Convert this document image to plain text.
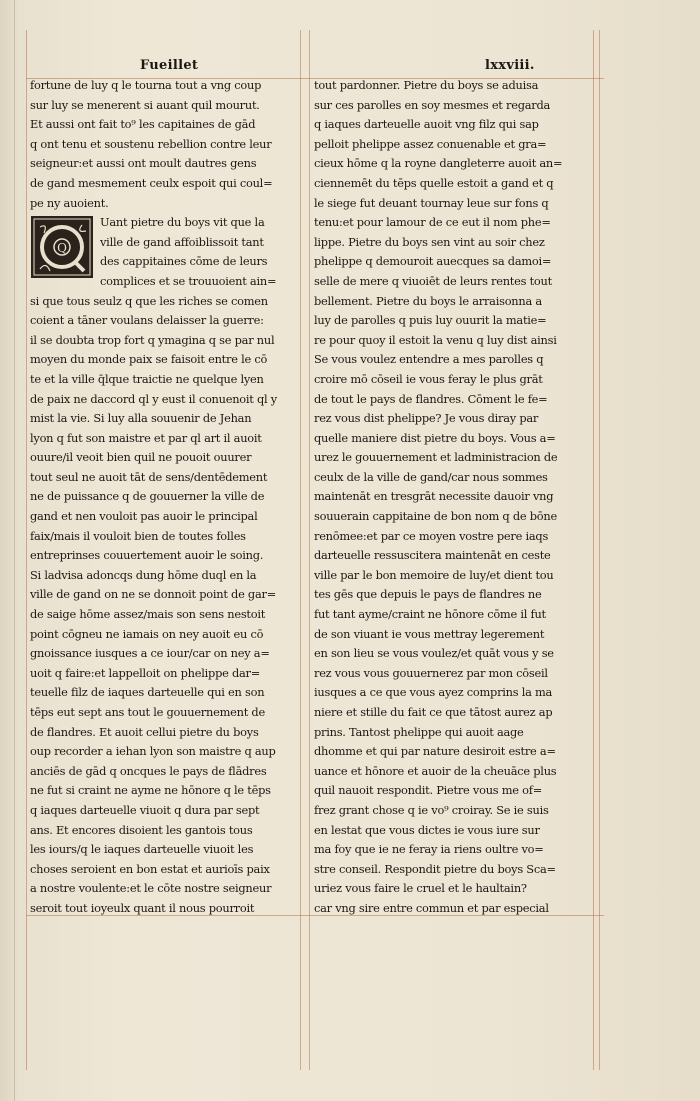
Fueillet	lxxviii.
Q
fortune de luy q le tourna tout a vng coup
sur luy se menerent si auant quil mourut.
Et aussi ont fait to⁹ les capitaines de gād
q ont tenu et soustenu rebellion contre leur
seigneur:et aussi ont moult dautres gens
de gand mesmement ceulx espoit qui coul=
pe ny auoient.
Uant pietre du boys vit que la
ville de gand affoiblissoit tant
des cappitaines cōme de leurs
complices et se trouuoient ain=
si que tous seulz q que les riches se comen
coient a tāner voulans delaisser la guerre:
il se doubta trop fort q ymagina q se par nul
moyen du monde paix se faisoit entre le cō
te et la ville q̄lque traictie ne quelque lyen
de paix ne daccord ql y eust il conuenoit ql y
mist la vie. Si luy alla souuenir de Jehan
lyon q fut son maistre et par ql art il auoit
ouure/il veoit bien quil ne pouoit ouurer
tout seul ne auoit tāt de sens/dentēdement
ne de puissance q de gouuerner la ville de
gand et nen vouloit pas auoir le principal
faix/mais il vouloit bien de toutes folles
entreprinses couuertement auoir le soing.
Si ladvisa adoncqs dung hōme duql en la
ville de gand on ne se donnoit point de gar=
de saige hōme assez/mais son sens nestoit
point cōgneu ne iamais on ney auoit eu cō
gnoissance iusques a ce iour/car on ney a=
uoit q faire:et lappelloit on phelippe dar=
teuelle filz de iaques darteuelle qui en son
tēps eut sept ans tout le gouuernement de
de flandres. Et auoit cellui pietre du boys
oup recorder a iehan lyon son maistre q aup
anciēs de gād q oncques le pays de flādres
ne fut si craint ne ayme ne hōnore q le tēps
q iaques darteuelle viuoit q dura par sept
ans. Et encores disoient les gantois tous
les iours/q le iaques darteuelle viuoit les
choses seroient en bon estat et aurioīs paix
a nostre voulente:et le cōte nostre seigneur
seroit tout ioyeulx quant il nous pourroit
tout pardonner. Pietre du boys se aduisa
sur ces parolles en soy mesmes et regarda
q iaques darteuelle auoit vng filz qui sap
pelloit phelippe assez conuenable et gra=
cieux hōme q la royne dangleterre auoit an=
ciennemēt du tēps quelle estoit a gand et q
le siege fut deuant tournay leue sur fons q
tenu:et pour lamour de ce eut il nom phe=
lippe. Pietre du boys sen vint au soir chez
phelippe q demouroit auecques sa damoi=
selle de mere q viuoiēt de leurs rentes tout
bellement. Pietre du boys le arraisonna a
luy de parolles q puis luy ouurit la matie=
re pour quoy il estoit la venu q luy dist ainsi
Se vous voulez entendre a mes parolles q
croire mō cōseil ie vous feray le plus grāt
de tout le pays de flandres. Cōment le fe=
rez vous dist phelippe? Je vous diray par
quelle maniere dist pietre du boys. Vous a=
urez le gouuernement et ladministracion de
ceulx de la ville de gand/car nous sommes
maintenāt en tresgrāt necessite dauoir vng
souuerain cappitaine de bon nom q de bōne
renōmee:et par ce moyen vostre pere iaqs
darteuelle ressuscitera maintenāt en ceste
ville par le bon memoire de luy/et dient tou
tes gēs que depuis le pays de flandres ne
fut tant ayme/craint ne hōnore cōme il fut
de son viuant ie vous mettray legerement
en son lieu se vous voulez/et quāt vous y se
rez vous vous gouuernerez par mon cōseil
iusques a ce que vous ayez comprins la ma
niere et stille du fait ce que tātost aurez ap
prins. Tantost phelippe qui auoit aage
dhomme et qui par nature desiroit estre a=
uance et hōnore et auoir de la cheuāce plus
quil nauoit respondit. Pietre vous me of=
frez grant chose q ie vo⁹ croiray. Se ie suis
en lestat que vous dictes ie vous iure sur
ma foy que ie ne feray ia riens oultre vo=
stre conseil. Respondit pietre du boys Sca=
uriez vous faire le cruel et le haultain?
car vng sire entre commun et par especial
